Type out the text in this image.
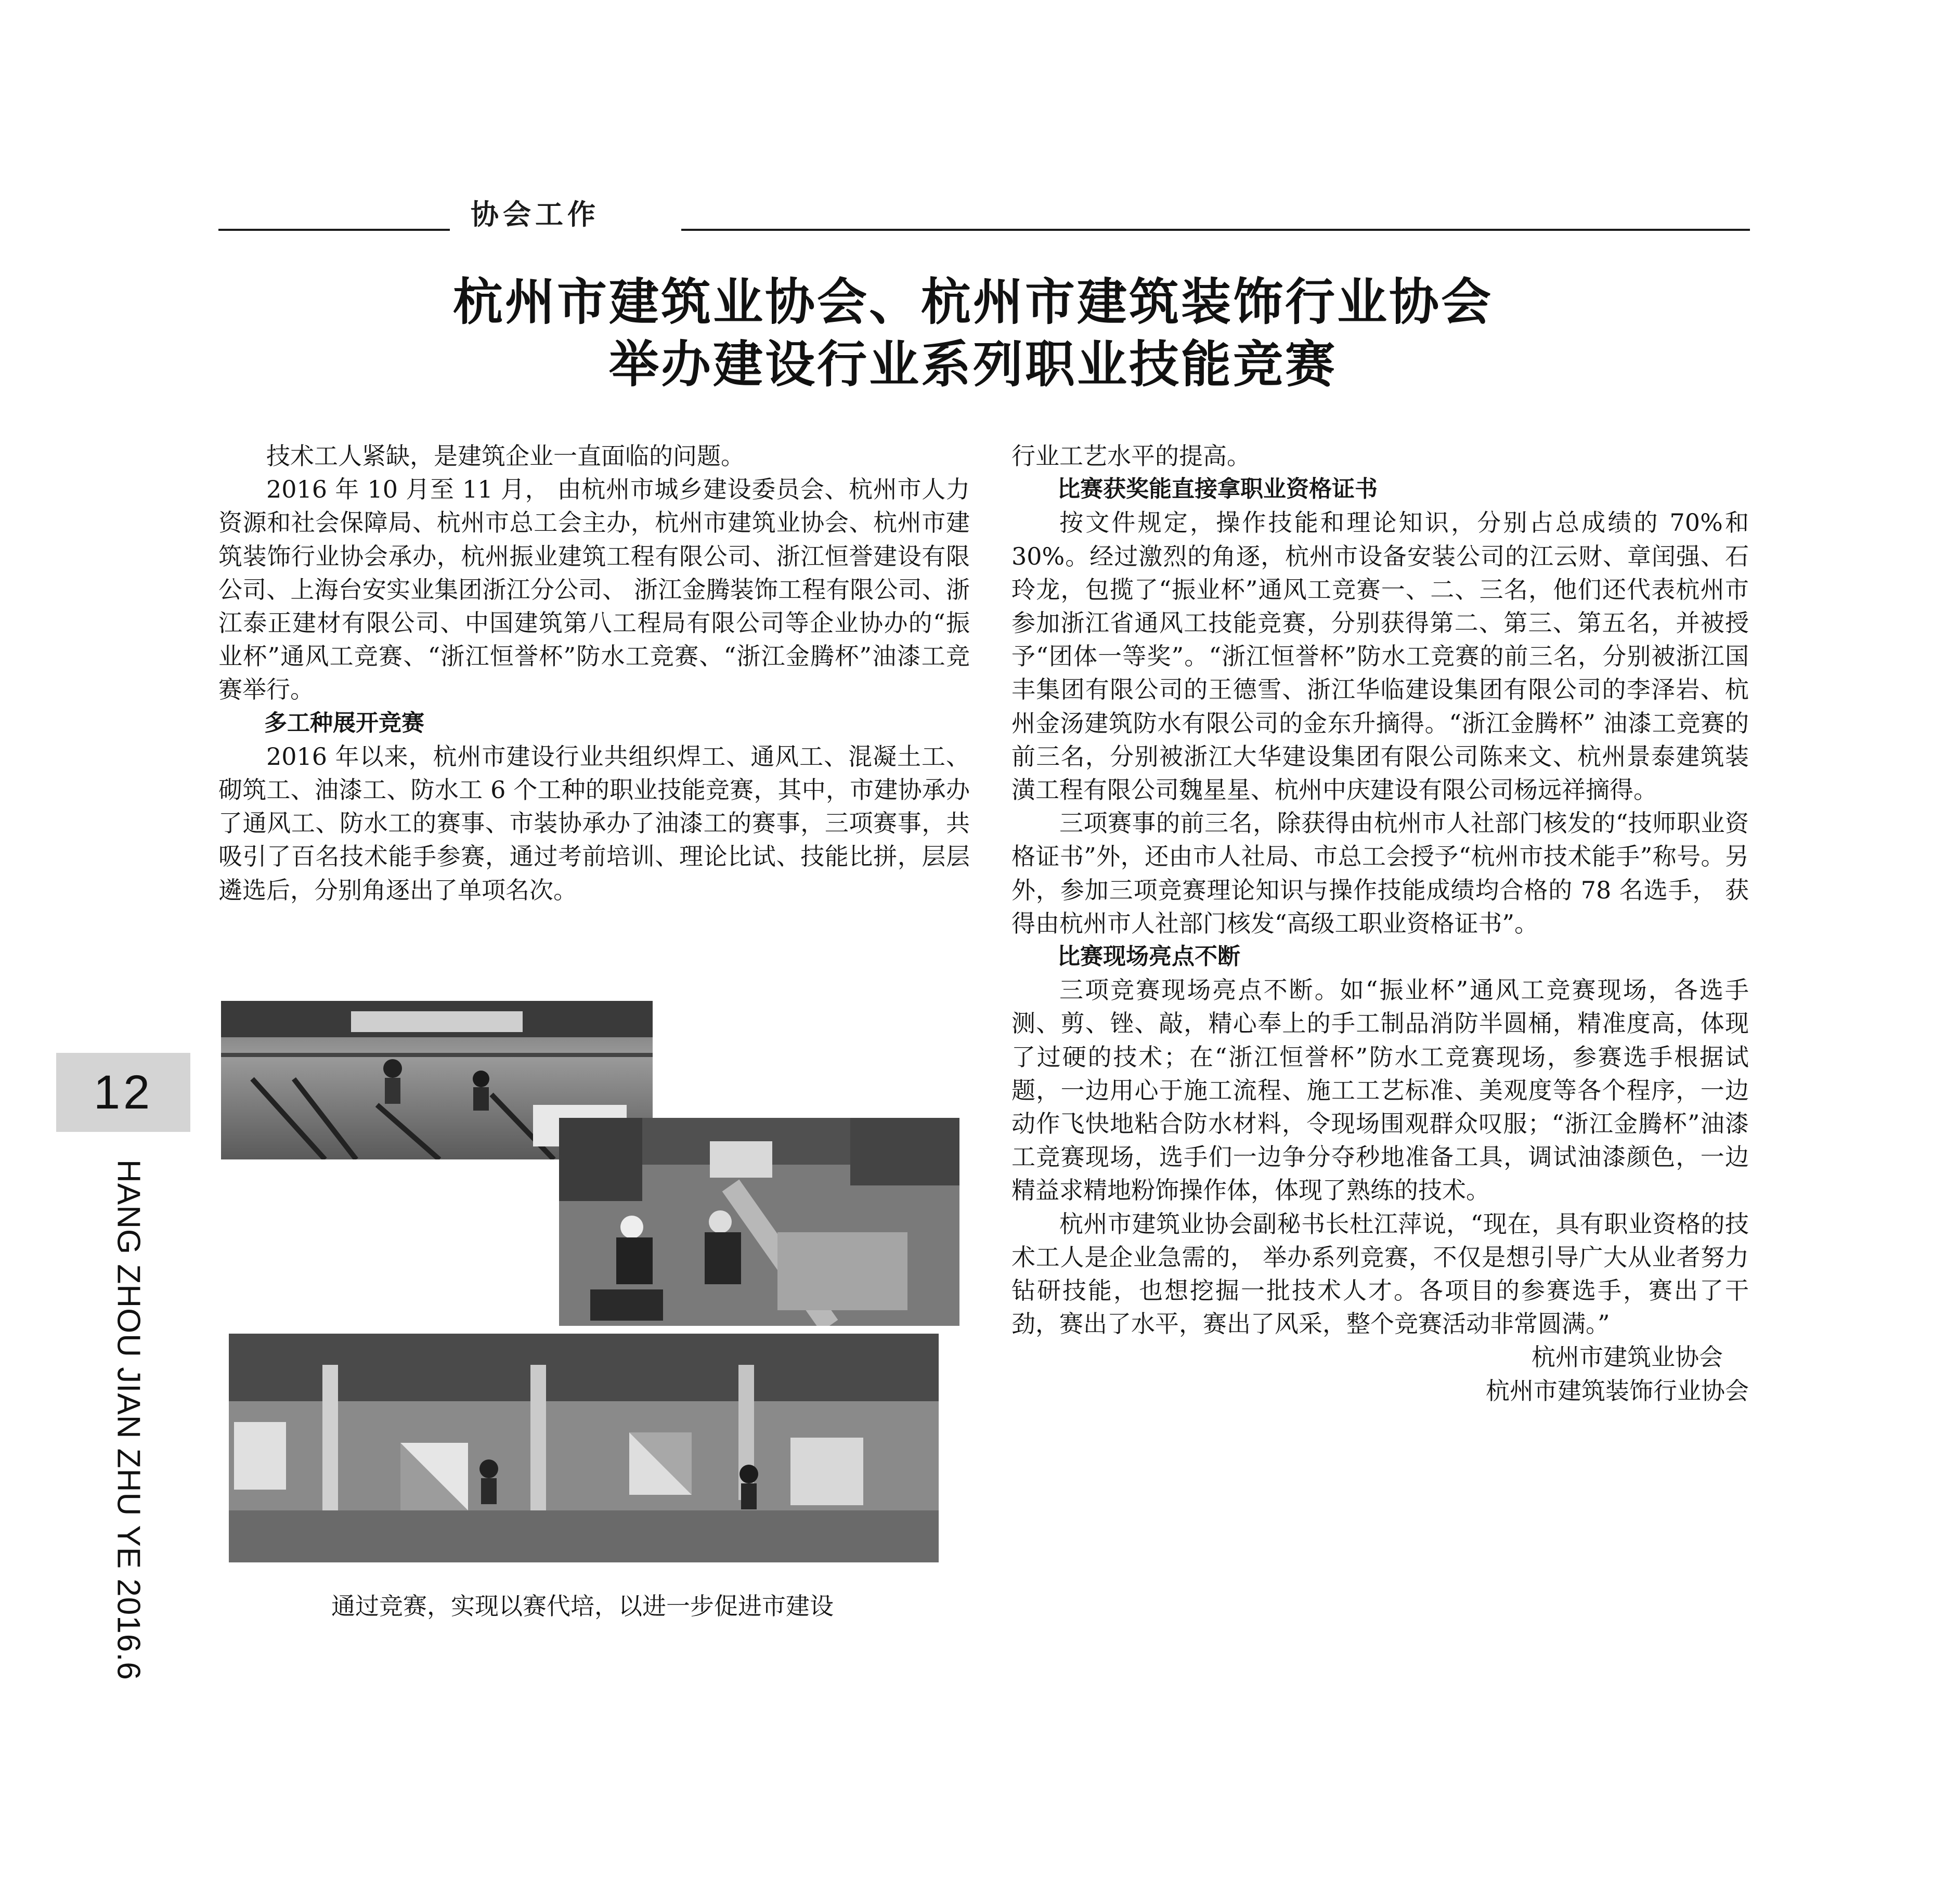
协会工作
杭州市建筑业协会、杭州市建筑装饰行业协会
举办建设行业系列职业技能竞赛

技术工人紧缺，是建筑企业一直面临的问题。

2016 年 10 月至 11 月， 由杭州市城乡建设委员会、杭州市人力资源和社会保障局、杭州市总工会主办，杭州市建筑业协会、杭州市建筑装饰行业协会承办，杭州振业建筑工程有限公司、浙江恒誉建设有限公司、上海台安实业集团浙江分公司、 浙江金腾装饰工程有限公司、浙江泰正建材有限公司、中国建筑第八工程局有限公司等企业协办的“振业杯”通风工竞赛、“浙江恒誉杯”防水工竞赛、“浙江金腾杯”油漆工竞赛举行。

多工种展开竞赛

2016 年以来，杭州市建设行业共组织焊工、通风工、混凝土工、砌筑工、油漆工、防水工 6 个工种的职业技能竞赛，其中，市建协承办了通风工、防水工的赛事、市装协承办了油漆工的赛事，三项赛事，共吸引了百名技术能手参赛，通过考前培训、理论比试、技能比拼，层层遴选后，分别角逐出了单项名次。

通过竞赛，实现以赛代培，以进一步促进市建设

行业工艺水平的提高。

比赛获奖能直接拿职业资格证书

按文件规定，操作技能和理论知识，分别占总成绩的 70%和 30%。经过激烈的角逐，杭州市设备安装公司的江云财、章闰强、石玲龙，包揽了“振业杯”通风工竞赛一、二、三名，他们还代表杭州市参加浙江省通风工技能竞赛，分别获得第二、第三、第五名，并被授予“团体一等奖”。“浙江恒誉杯”防水工竞赛的前三名，分别被浙江国丰集团有限公司的王德雪、浙江华临建设集团有限公司的李泽岩、杭州金汤建筑防水有限公司的金东升摘得。“浙江金腾杯” 油漆工竞赛的前三名，分别被浙江大华建设集团有限公司陈来文、杭州景泰建筑装潢工程有限公司魏星星、杭州中庆建设有限公司杨远祥摘得。

三项赛事的前三名，除获得由杭州市人社部门核发的“技师职业资格证书”外，还由市人社局、市总工会授予“杭州市技术能手”称号。另外，参加三项竞赛理论知识与操作技能成绩均合格的 78 名选手， 获得由杭州市人社部门核发“高级工职业资格证书”。

比赛现场亮点不断

三项竞赛现场亮点不断。如“振业杯”通风工竞赛现场，各选手测、剪、锉、敲，精心奉上的手工制品消防半圆桶，精准度高，体现了过硬的技术；在“浙江恒誉杯”防水工竞赛现场，参赛选手根据试题，一边用心于施工流程、施工工艺标准、美观度等各个程序，一边动作飞快地粘合防水材料，令现场围观群众叹服；“浙江金腾杯”油漆工竞赛现场，选手们一边争分夺秒地准备工具，调试油漆颜色，一边精益求精地粉饰操作体，体现了熟练的技术。

杭州市建筑业协会副秘书长杜江萍说，“现在，具有职业资格的技术工人是企业急需的， 举办系列竞赛，不仅是想引导广大从业者努力钻研技能，也想挖掘一批技术人才。各项目的参赛选手，赛出了干劲，赛出了水平，赛出了风采，整个竞赛活动非常圆满。”

杭州市建筑业协会

杭州市建筑装饰行业协会

12
HANG ZHOU JIAN ZHU YE 2016.6
